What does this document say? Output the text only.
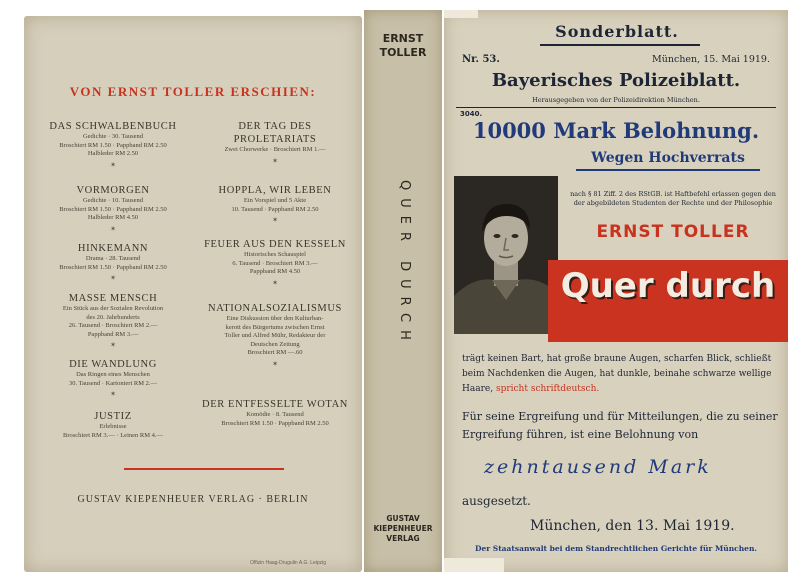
VON ERNST TOLLER ERSCHIEN:
DAS SCHWALBENBUCH
Gedichte · 30. Tausend
Broschiert RM 1.50 · Pappband RM 2.50
Halbleder RM 2.50
✶
VORMORGEN
Gedichte · 10. Tausend
Broschiert RM 1.50 · Pappband RM 2.50
Halbleder RM 4.50
✶
HINKEMANN
Drama · 28. Tausend
Broschiert RM 1.50 · Pappband RM 2.50
✶
MASSE MENSCH
Ein Stück aus der Sozialen Revolution
des 20. Jahrhunderts
26. Tausend · Broschiert RM 2.—
Pappband RM 3.—
✶
DIE WANDLUNG
Das Ringen eines Menschen
30. Tausend · Kartoniert RM 2.—
✶
JUSTIZ
Erlebnisse
Broschiert RM 3.— · Leinen RM 4.—
DER TAG DES PROLETARIATS
Zwei Chorwerke · Broschiert RM 1.—
✶
HOPPLA, WIR LEBEN
Ein Vorspiel und 5 Akte
10. Tausend · Pappband RM 2.50
✶
FEUER AUS DEN KESSELN
Historisches Schauspiel
6. Tausend · Broschiert RM 3.—
Pappband RM 4.50
✶
NATIONALSOZIALISMUS
Eine Diskussion über den Kulturban-
kerott des Bürgertums zwischen Ernst
Toller und Alfred Mühr, Redakteur der
Deutschen Zeitung
Broschiert RM —.60
✶
DER ENTFESSELTE WOTAN
Komödie · 8. Tausend
Broschiert RM 1.50 · Pappband RM 2.50
GUSTAV KIEPENHEUER VERLAG · BERLIN
Offizin Haag-Drugulin A.G. Leipzig
ERNST
TOLLER
QUER DURCH
GUSTAV
KIEPENHEUER
VERLAG
Sonderblatt.
Nr. 53.	München, 15. Mai 1919.
Bayerisches Polizeiblatt.
Herausgegeben von der Polizeidirektion München.
3040.
10000 Mark Belohnung.
Wegen Hochverrats
nach § 81 Ziff. 2 des RStGB. ist Haftbefehl erlassen gegen den der abgebildeten Studenten der Rechte und der Philosophie
ERNST TOLLER
Quer durch
trägt keinen Bart, hat große braune Augen, scharfen Blick, schließt beim Nachdenken die Augen, hat dunkle, beinahe schwarze wellige Haare, spricht schriftdeutsch.
Für seine Ergreifung und für Mitteilungen, die zu seiner Ergreifung führen, ist eine Belohnung von
zehntausend Mark
ausgesetzt.
München, den 13. Mai 1919.
Der Staatsanwalt bei dem Standrechtlichen Gerichte für München.
